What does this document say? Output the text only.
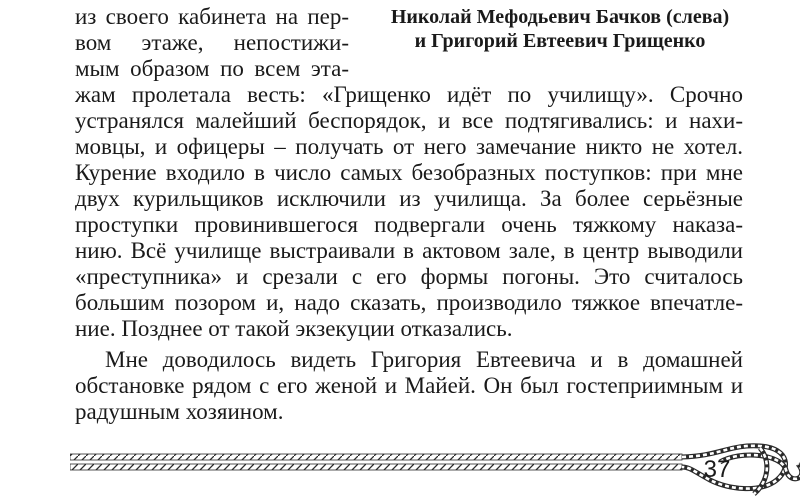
Николай Мефодьевич Бачков (слева)

и Григорий Евтеевич Грищенко

из своего кабинета на пер-

вом этаже, непостижи-

мым образом по всем эта-

жам пролетала весть: «Грищенко идёт по училищу». Срочно

устранялся малейший беспорядок, и все подтягивались: и нахи-

мовцы, и офицеры – получать от него замечание никто не хотел.

Курение входило в число самых безобразных поступков: при мне

двух курильщиков исключили из училища. За более серьёзные

проступки провинившегося подвергали очень тяжкому наказа-

нию. Всё училище выстраивали в актовом зале, в центр выводили

«преступника» и срезали с его формы погоны. Это считалось

большим позором и, надо сказать, производило тяжкое впечатле-

ние. Позднее от такой экзекуции отказались.

Мне доводилось видеть Григория Евтеевича и в домашней

обстановке рядом с его женой и Майей. Он был гостеприимным и

радушным хозяином.

37
